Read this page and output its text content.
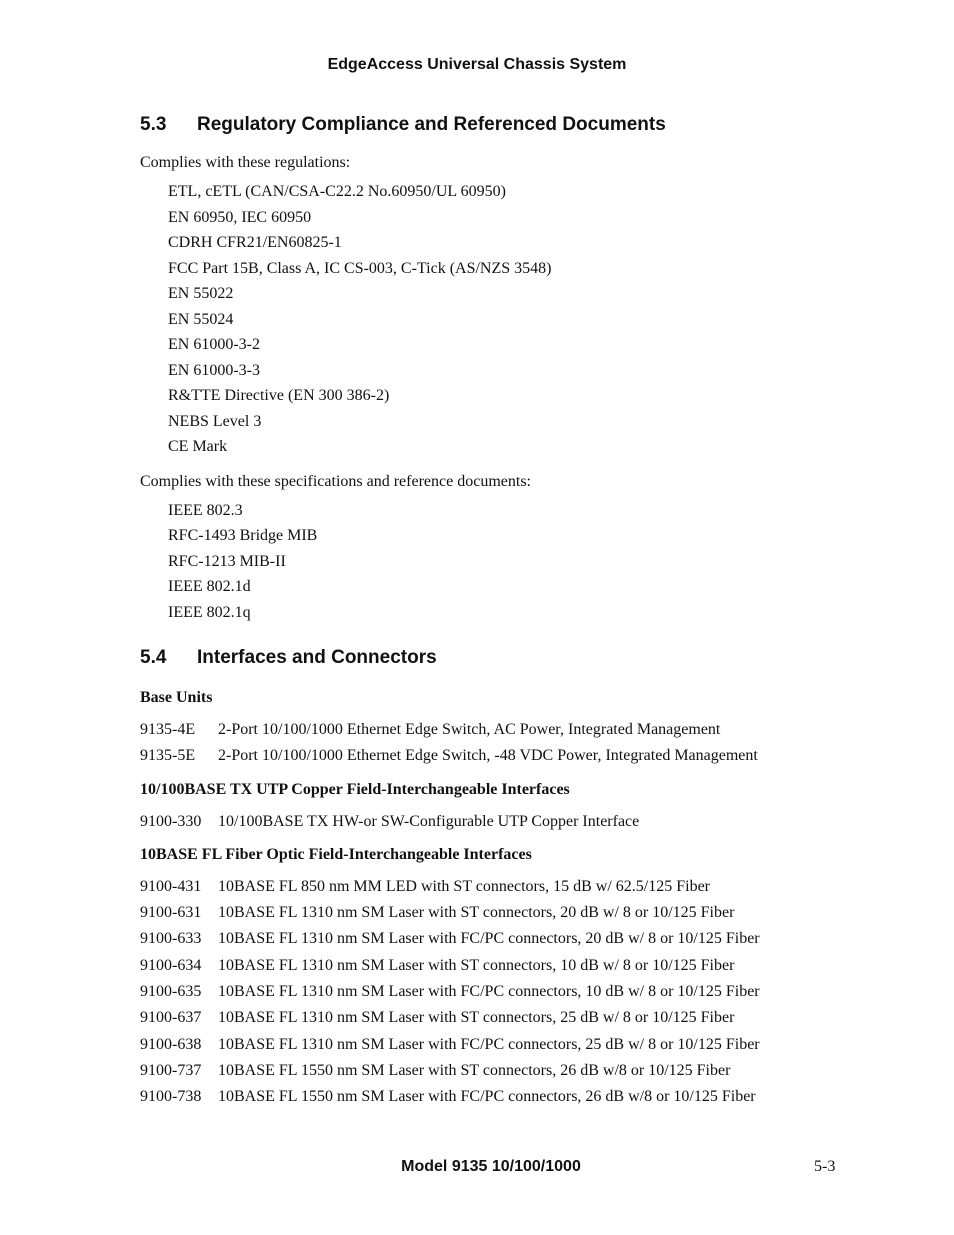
EdgeAccess Universal Chassis System
5.3	Regulatory Compliance and Referenced Documents
Complies with these regulations:
ETL, cETL (CAN/CSA-C22.2 No.60950/UL 60950)
EN 60950, IEC 60950
CDRH CFR21/EN60825-1
FCC Part 15B, Class A, IC CS-003, C-Tick (AS/NZS 3548)
EN 55022
EN 55024
EN 61000-3-2
EN 61000-3-3
R&TTE Directive (EN 300 386-2)
NEBS Level 3
CE Mark
Complies with these specifications and reference documents:
IEEE 802.3
RFC-1493 Bridge MIB
RFC-1213 MIB-II
IEEE 802.1d
IEEE 802.1q
5.4	Interfaces and Connectors
Base Units
9135-4E	2-Port 10/100/1000 Ethernet Edge Switch, AC Power, Integrated Management
9135-5E	2-Port 10/100/1000 Ethernet Edge Switch, -48 VDC Power, Integrated Management
10/100BASE TX UTP Copper Field-Interchangeable Interfaces
9100-330	10/100BASE TX HW-or SW-Configurable UTP Copper Interface
10BASE FL Fiber Optic Field-Interchangeable Interfaces
9100-431	10BASE FL 850 nm MM LED with ST connectors, 15 dB w/ 62.5/125 Fiber
9100-631	10BASE FL 1310 nm SM Laser with ST connectors, 20 dB w/ 8 or 10/125 Fiber
9100-633	10BASE FL 1310 nm SM Laser with FC/PC connectors, 20 dB w/ 8 or 10/125 Fiber
9100-634	10BASE FL 1310 nm SM Laser with ST connectors, 10 dB w/ 8 or 10/125 Fiber
9100-635	10BASE FL 1310 nm SM Laser with FC/PC connectors, 10 dB w/ 8 or 10/125 Fiber
9100-637	10BASE FL 1310 nm SM Laser with ST connectors, 25 dB w/ 8 or 10/125 Fiber
9100-638	10BASE FL 1310 nm SM Laser with FC/PC connectors, 25 dB w/ 8 or 10/125 Fiber
9100-737	10BASE FL 1550 nm SM Laser with ST connectors, 26 dB w/8 or 10/125 Fiber
9100-738	10BASE FL 1550 nm SM Laser with FC/PC connectors, 26 dB w/8 or 10/125 Fiber
Model 9135 10/100/1000	5-3
